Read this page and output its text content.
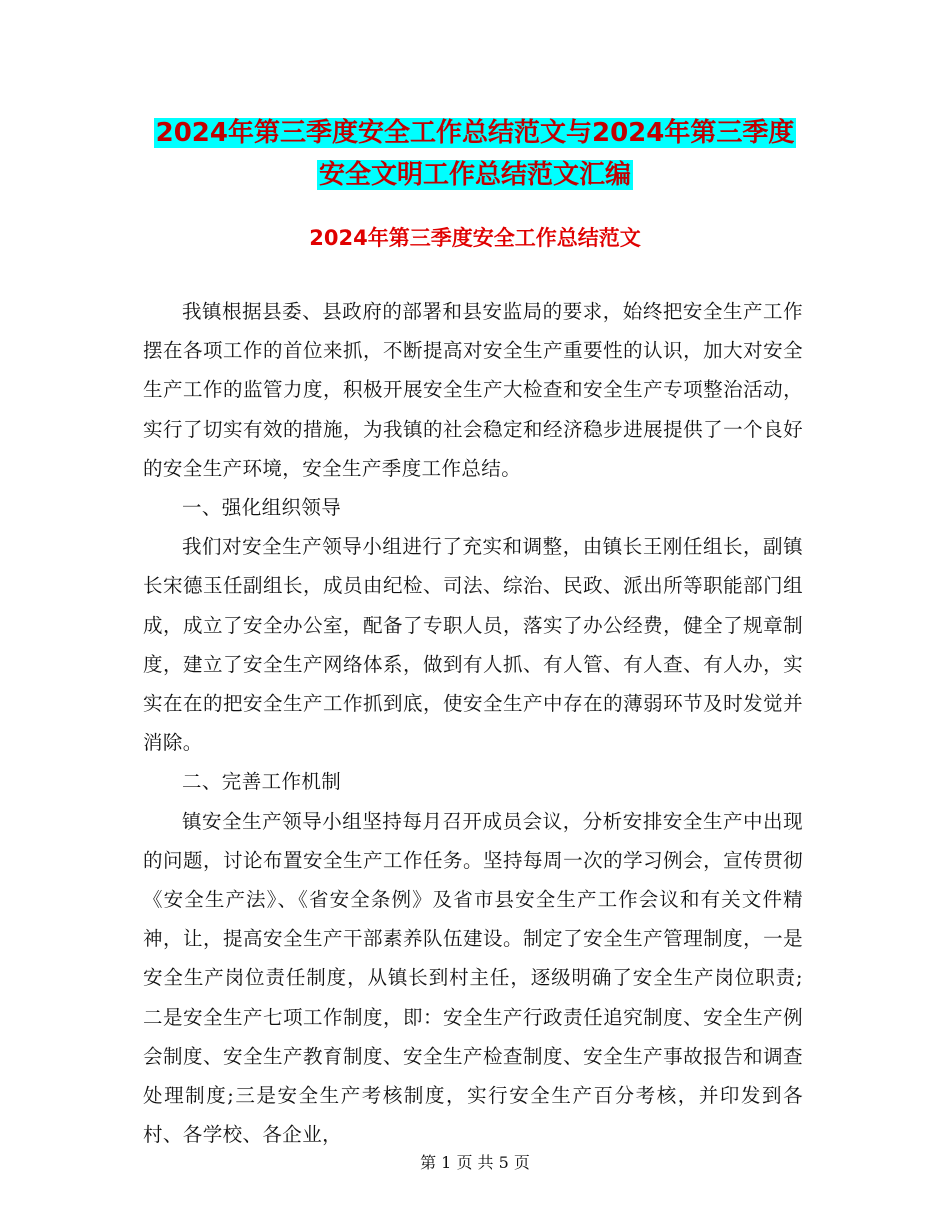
2024年第三季度安全工作总结范文与2024年第三季度
安全文明工作总结范文汇编
2024年第三季度安全工作总结范文

我镇根据县委、县政府的部署和县安监局的要求，始终把安全生产工作摆在各项工作的首位来抓，不断提高对安全生产重要性的认识，加大对安全生产工作的监管力度，积极开展安全生产大检查和安全生产专项整治活动，实行了切实有效的措施，为我镇的社会稳定和经济稳步进展提供了一个良好的安全生产环境，安全生产季度工作总结。

一、强化组织领导

我们对安全生产领导小组进行了充实和调整，由镇长王刚任组长，副镇长宋德玉任副组长，成员由纪检、司法、综治、民政、派出所等职能部门组成，成立了安全办公室，配备了专职人员，落实了办公经费，健全了规章制度，建立了安全生产网络体系，做到有人抓、有人管、有人查、有人办，实实在在的把安全生产工作抓到底，使安全生产中存在的薄弱环节及时发觉并消除。

二、完善工作机制

镇安全生产领导小组坚持每月召开成员会议，分析安排安全生产中出现的问题，讨论布置安全生产工作任务。坚持每周一次的学习例会，宣传贯彻《安全生产法》、《省安全条例》及省市县安全生产工作会议和有关文件精神，让，提高安全生产干部素养队伍建设。制定了安全生产管理制度，一是安全生产岗位责任制度，从镇长到村主任，逐级明确了安全生产岗位职责;二是安全生产七项工作制度，即：安全生产行政责任追究制度、安全生产例会制度、安全生产教育制度、安全生产检查制度、安全生产事故报告和调查处理制度;三是安全生产考核制度，实行安全生产百分考核，并印发到各村、各学校、各企业，

第 1 页 共 5 页
